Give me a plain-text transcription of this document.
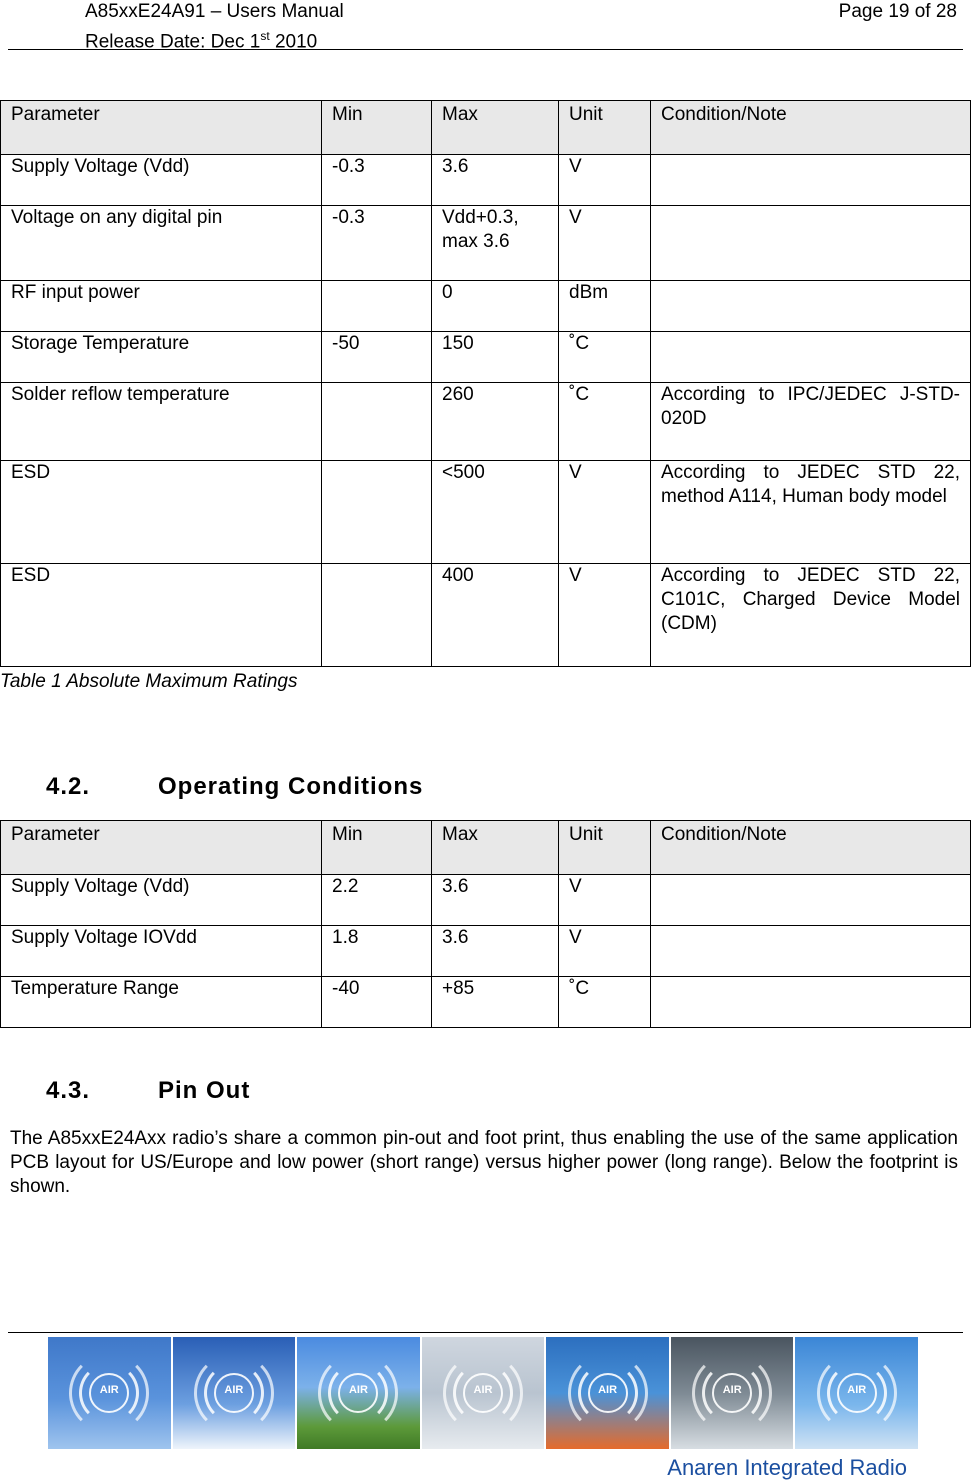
A85xxE24A91 – Users Manual
Release Date: Dec 1st 2010
Page 19 of 28
Parameter	Min	Max	Unit	Condition/Note
Supply Voltage (Vdd)	-0.3	3.6	V	
Voltage on any digital pin	-0.3	Vdd+0.3, max 3.6	V	
RF input power		0	dBm	
Storage Temperature	-50	150	˚C	
Solder reflow temperature		260	˚C	According to IPC/JEDEC J-STD-020D
ESD		<500	V	According to JEDEC STD 22, method A114, Human body model
ESD		400	V	According to JEDEC STD 22, C101C, Charged Device Model (CDM)
Table 1 Absolute Maximum Ratings
4.2.	Operating Conditions
Parameter	Min	Max	Unit	Condition/Note
Supply Voltage (Vdd)	2.2	3.6	V	
Supply Voltage IOVdd	1.8	3.6	V	
Temperature Range	-40	+85	˚C	
4.3.	Pin Out
The A85xxE24Axx radio’s share a common pin-out and foot print, thus enabling the use of the same application PCB layout for US/Europe and low power (short range) versus higher power (long range). Below the footprint is shown.
AIR	AIR	AIR	AIR	AIR	AIR	AIR
Anaren Integrated Radio
